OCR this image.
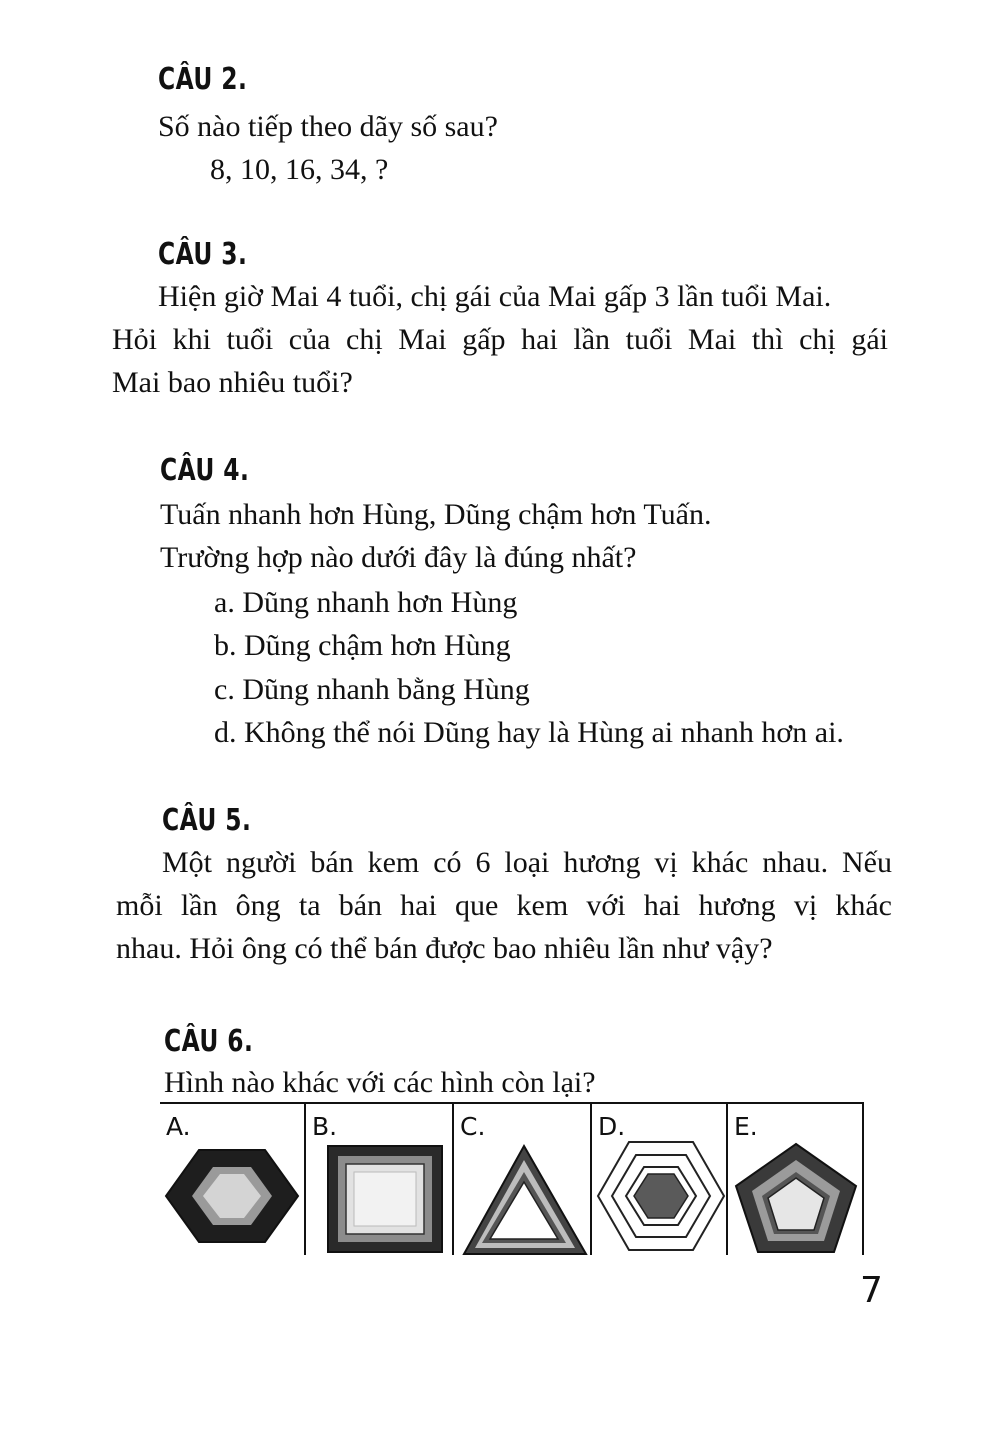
CÂU 2.

Số nào tiếp theo dãy số sau?

8, 10, 16, 34, ?

CÂU 3.

Hiện giờ Mai 4 tuổi, chị gái của Mai gấp 3 lần tuổi Mai.

Hỏi khi tuổi của chị Mai gấp hai lần tuổi Mai thì chị gái

Mai bao nhiêu tuổi?

CÂU 4.

Tuấn nhanh hơn Hùng, Dũng chậm hơn Tuấn.

Trường hợp nào dưới đây là đúng nhất?

a. Dũng nhanh hơn Hùng

b. Dũng chậm hơn Hùng

c. Dũng nhanh bằng Hùng

d. Không thể nói Dũng hay là Hùng ai nhanh hơn ai.

CÂU 5.

Một người bán kem có 6 loại hương vị khác nhau. Nếu

mỗi lần ông ta bán hai que kem với hai hương vị khác

nhau. Hỏi ông có thể bán được bao nhiêu lần như vậy?

CÂU 6.

Hình nào khác với các hình còn lại?

A.	B.	C.	D.	E.

7
